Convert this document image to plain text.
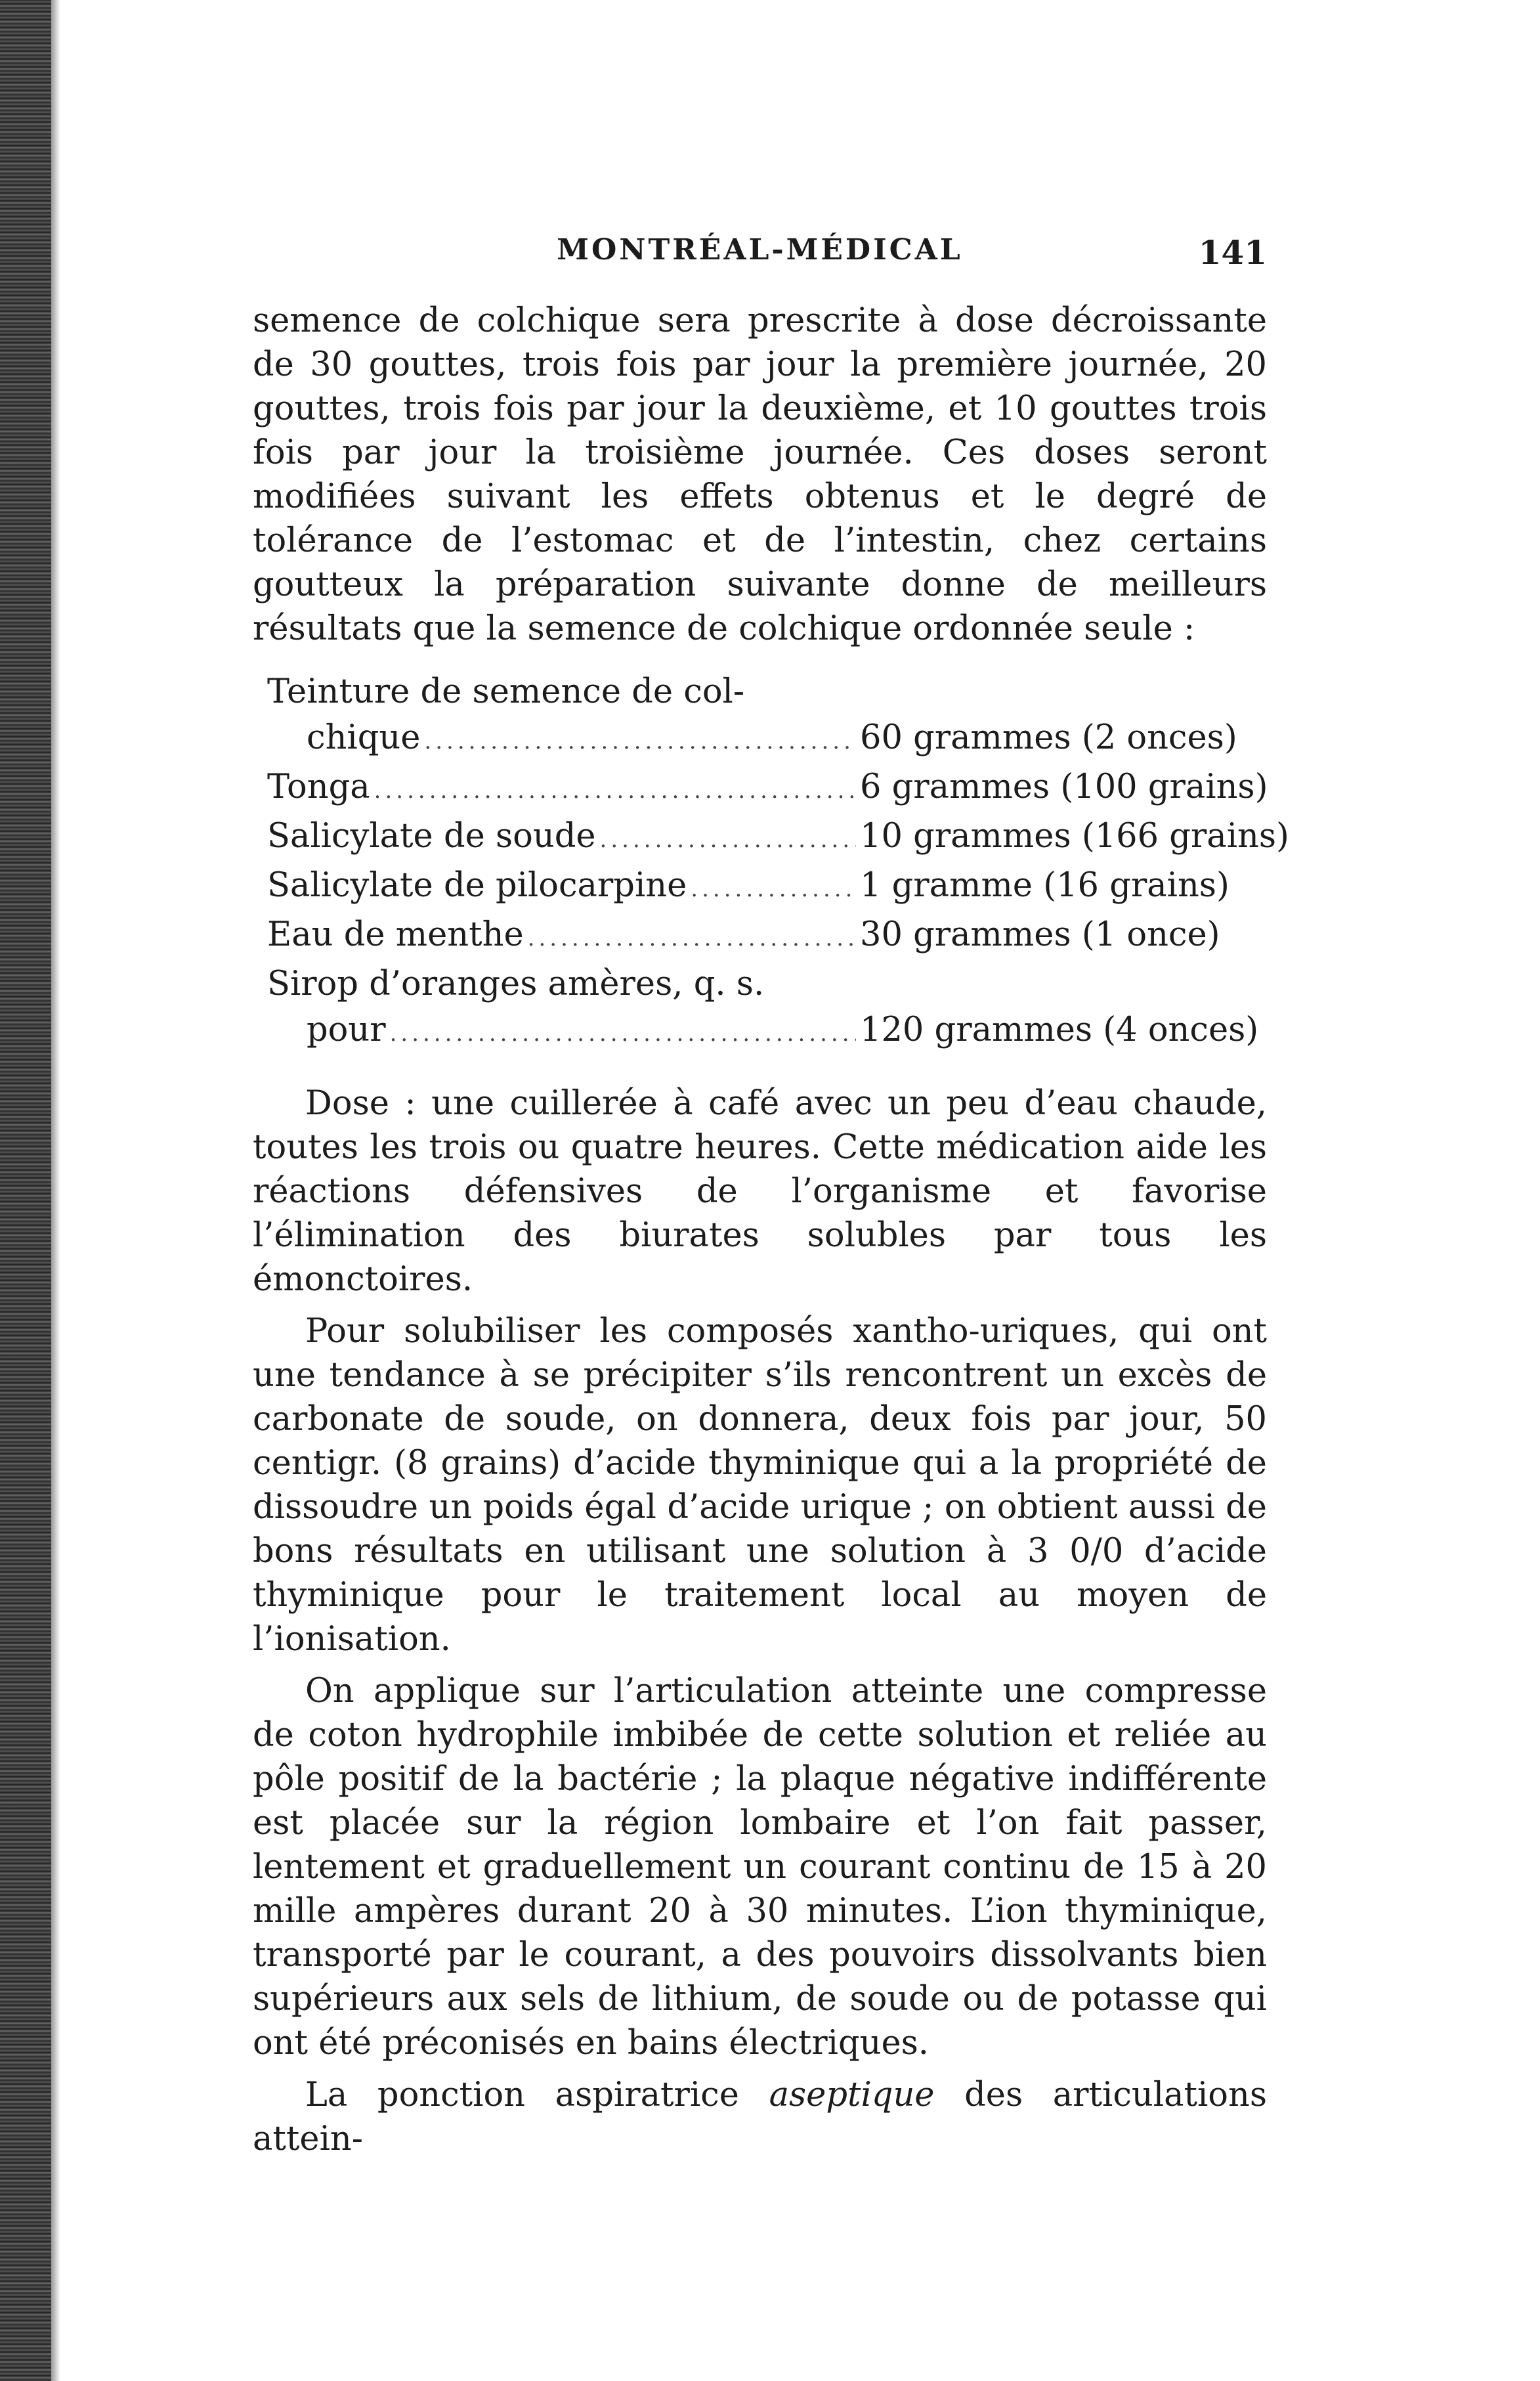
MONTRÉAL-MÉDICAL	141

semence de colchique sera prescrite à dose décroissante de 30 gouttes, trois fois par jour la première journée, 20 gouttes, trois fois par jour la deuxième, et 10 gouttes trois fois par jour la troisième journée. Ces doses seront modifiées suivant les effets obtenus et le degré de tolérance de l’estomac et de l’intestin, chez certains goutteux la préparation suivante donne de meilleurs résultats que la semence de colchique ordonnée seule :

Teinture de semence de col-
chique .....	60 grammes (2 onces)
Tonga .....	6 grammes (100 grains)
Salicylate de soude .....	10 grammes (166 grains)
Salicylate de pilocarpine .....	1 gramme (16 grains)
Eau de menthe .....	30 grammes (1 once)
Sirop d’oranges amères, q. s.
pour .....	120 grammes (4 onces)

Dose : une cuillerée à café avec un peu d’eau chaude, toutes les trois ou quatre heures. Cette médication aide les réactions défensives de l’organisme et favorise l’élimination des biurates solubles par tous les émonctoires.

Pour solubiliser les composés xantho-uriques, qui ont une tendance à se précipiter s’ils rencontrent un excès de carbonate de soude, on donnera, deux fois par jour, 50 centigr. (8 grains) d’acide thyminique qui a la propriété de dissoudre un poids égal d’acide urique ; on obtient aussi de bons résultats en utilisant une solution à 3 0/0 d’acide thyminique pour le traitement local au moyen de l’ionisation.

On applique sur l’articulation atteinte une compresse de coton hydrophile imbibée de cette solution et reliée au pôle positif de la bactérie ; la plaque négative indifférente est placée sur la région lombaire et l’on fait passer, lentement et graduellement un courant continu de 15 à 20 mille ampères durant 20 à 30 minutes. L’ion thyminique, transporté par le courant, a des pouvoirs dissolvants bien supérieurs aux sels de lithium, de soude ou de potasse qui ont été préconisés en bains électriques.

La ponction aspiratrice aseptique des articulations attein-
